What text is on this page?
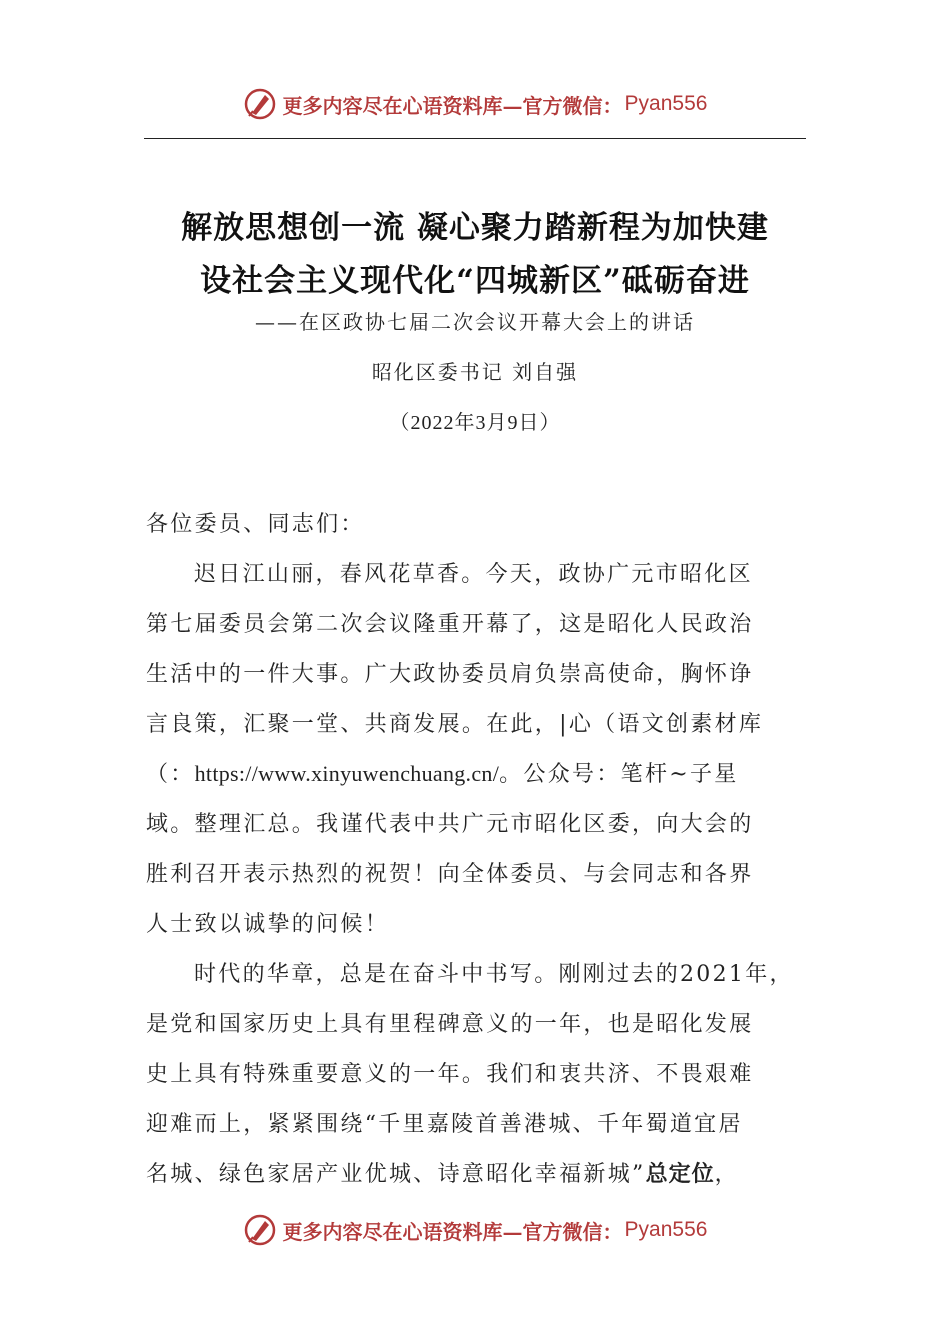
更多内容尽在心语资料库—官方微信： Pyan556
解放思想创一流 凝心聚力踏新程为加快建
设社会主义现代化“四城新区”砥砺奋进
——在区政协七届二次会议开幕大会上的讲话
昭化区委书记 刘自强
（2022年3月9日）
各位委员、同志们：
迟日江山丽，春风花草香。今天，政协广元市昭化区
第七届委员会第二次会议隆重开幕了，这是昭化人民政治
生活中的一件大事。广大政协委员肩负崇高使命，胸怀诤
言良策，汇聚一堂、共商发展。在此，|心（语文创素材库
（：https://www.xinyuwenchuang.cn/。公众号：笔杆~子星
域。整理汇总。我谨代表中共广元市昭化区委，向大会的
胜利召开表示热烈的祝贺！向全体委员、与会同志和各界
人士致以诚挚的问候！
时代的华章，总是在奋斗中书写。刚刚过去的2021年，
是党和国家历史上具有里程碑意义的一年，也是昭化发展
史上具有特殊重要意义的一年。我们和衷共济、不畏艰难
迎难而上，紧紧围绕“千里嘉陵首善港城、千年蜀道宜居
名城、绿色家居产业优城、诗意昭化幸福新城”总定位，
更多内容尽在心语资料库—官方微信： Pyan556
